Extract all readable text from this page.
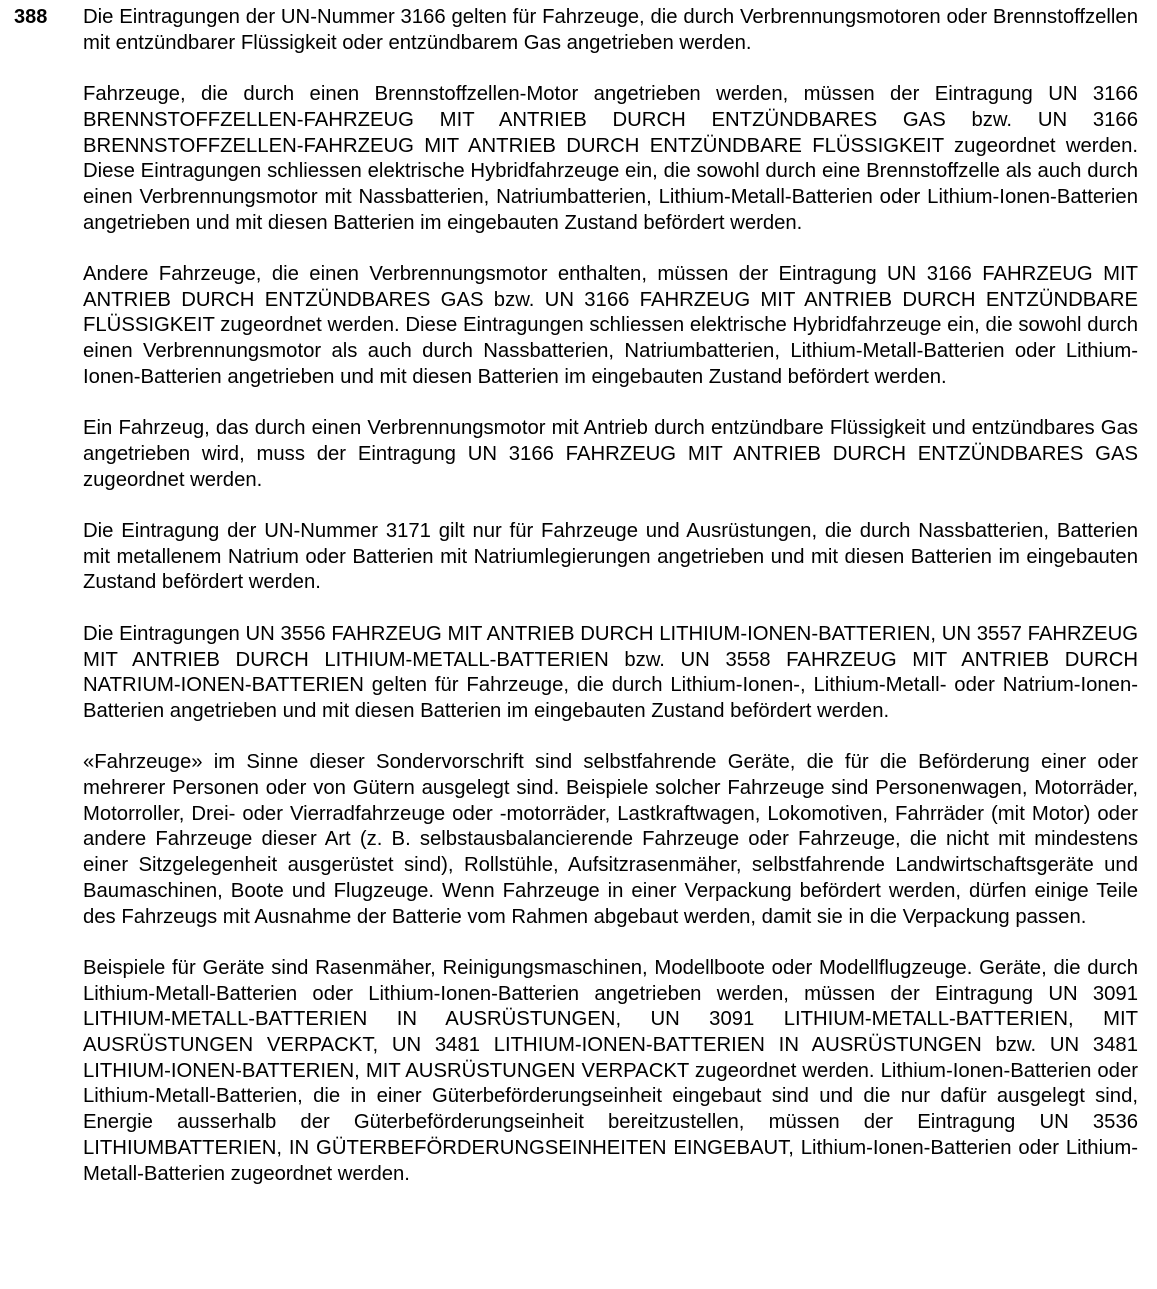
388 Die Eintragungen der UN-Nummer 3166 gelten für Fahrzeuge, die durch Verbrennungsmotoren oder Brennstoffzellen mit entzündbarer Flüssigkeit oder entzündbarem Gas angetrieben werden.

Fahrzeuge, die durch einen Brennstoffzellen-Motor angetrieben werden, müssen der Eintragung UN 3166 BRENNSTOFFZELLEN-FAHRZEUG MIT ANTRIEB DURCH ENTZÜNDBARES GAS bzw. UN 3166 BRENNSTOFFZELLEN-FAHRZEUG MIT ANTRIEB DURCH ENTZÜNDBARE FLÜSSIGKEIT zugeordnet werden. Diese Eintragungen schliessen elektrische Hybridfahrzeuge ein, die sowohl durch eine Brennstoffzelle als auch durch einen Verbrennungsmotor mit Nassbatterien, Natriumbatterien, Lithium-Metall-Batterien oder Lithium-Ionen-Batterien angetrieben und mit diesen Batterien im eingebauten Zustand befördert werden.

Andere Fahrzeuge, die einen Verbrennungsmotor enthalten, müssen der Eintragung UN 3166 FAHRZEUG MIT ANTRIEB DURCH ENTZÜNDBARES GAS bzw. UN 3166 FAHRZEUG MIT ANTRIEB DURCH ENTZÜNDBARE FLÜSSIGKEIT zugeordnet werden. Diese Eintragungen schliessen elektrische Hybridfahrzeuge ein, die sowohl durch einen Verbrennungsmotor als auch durch Nassbatterien, Natriumbatterien, Lithium-Metall-Batterien oder Lithium-Ionen-Batterien angetrieben und mit diesen Batterien im eingebauten Zustand befördert werden.

Ein Fahrzeug, das durch einen Verbrennungsmotor mit Antrieb durch entzündbare Flüssigkeit und entzündbares Gas angetrieben wird, muss der Eintragung UN 3166 FAHRZEUG MIT ANTRIEB DURCH ENTZÜNDBARES GAS zugeordnet werden.

Die Eintragung der UN-Nummer 3171 gilt nur für Fahrzeuge und Ausrüstungen, die durch Nassbatterien, Batterien mit metallenem Natrium oder Batterien mit Natriumlegierungen angetrieben und mit diesen Batterien im eingebauten Zustand befördert werden.

Die Eintragungen UN 3556 FAHRZEUG MIT ANTRIEB DURCH LITHIUM-IONEN-BATTERIEN, UN 3557 FAHRZEUG MIT ANTRIEB DURCH LITHIUM-METALL-BATTERIEN bzw. UN 3558 FAHRZEUG MIT ANTRIEB DURCH NATRIUM-IONEN-BATTERIEN gelten für Fahrzeuge, die durch Lithium-Ionen-, Lithium-Metall- oder Natrium-Ionen-Batterien angetrieben und mit diesen Batterien im eingebauten Zustand befördert werden.

«Fahrzeuge» im Sinne dieser Sondervorschrift sind selbstfahrende Geräte, die für die Beförderung einer oder mehrerer Personen oder von Gütern ausgelegt sind. Beispiele solcher Fahrzeuge sind Personenwagen, Motorräder, Motorroller, Drei- oder Vierradfahrzeuge oder -motorräder, Lastkraftwagen, Lokomotiven, Fahrräder (mit Motor) oder andere Fahrzeuge dieser Art (z. B. selbstausbalancierende Fahrzeuge oder Fahrzeuge, die nicht mit mindestens einer Sitzgelegenheit ausgerüstet sind), Rollstühle, Aufsitzrasenmäher, selbstfahrende Landwirtschaftsgeräte und Baumaschinen, Boote und Flugzeuge. Wenn Fahrzeuge in einer Verpackung befördert werden, dürfen einige Teile des Fahrzeugs mit Ausnahme der Batterie vom Rahmen abgebaut werden, damit sie in die Verpackung passen.

Beispiele für Geräte sind Rasenmäher, Reinigungsmaschinen, Modellboote oder Modellflugzeuge. Geräte, die durch Lithium-Metall-Batterien oder Lithium-Ionen-Batterien angetrieben werden, müssen der Eintragung UN 3091 LITHIUM-METALL-BATTERIEN IN AUSRÜSTUNGEN, UN 3091 LITHIUM-METALL-BATTERIEN, MIT AUSRÜSTUNGEN VERPACKT, UN 3481 LITHIUM-IONEN-BATTERIEN IN AUSRÜSTUNGEN bzw. UN 3481 LITHIUM-IONEN-BATTERIEN, MIT AUSRÜSTUNGEN VERPACKT zugeordnet werden. Lithium-Ionen-Batterien oder Lithium-Metall-Batterien, die in einer Güterbeförderungseinheit eingebaut sind und die nur dafür ausgelegt sind, Energie ausserhalb der Güterbeförderungseinheit bereitzustellen, müssen der Eintragung UN 3536 LITHIUMBATTERIEN, IN GÜTERBEFÖRDERUNGSEINHEITEN EINGEBAUT, Lithium-Ionen-Batterien oder Lithium-Metall-Batterien zugeordnet werden.
